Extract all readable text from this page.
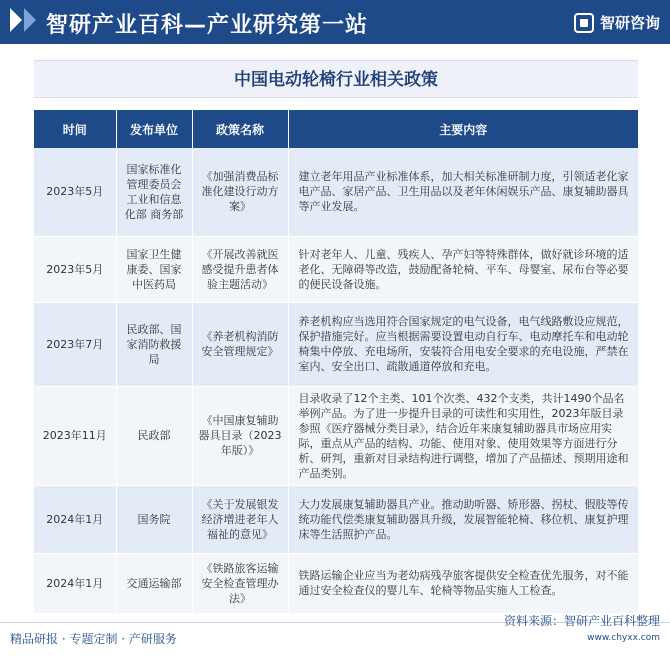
智研产业百科—产业研究第一站	智研咨询
中国电动轮椅行业相关政策
时间	发布单位	政策名称	主要内容
2023年5月	国家标准化管理委员会工业和信息化部 商务部	《加强消费品标准化建设行动方案》	建立老年用品产业标准体系，加大相关标准研制力度，引领适老化家电产品、家居产品、卫生用品以及老年休闲娱乐产品、康复辅助器具等产业发展。
2023年5月	国家卫生健康委、国家中医药局	《开展改善就医感受提升患者体验主题活动》	针对老年人、儿童、残疾人、孕产妇等特殊群体，做好就诊环境的适老化、无障碍等改造，鼓励配备轮椅、平车、母婴室、尿布台等必要的便民设备设施。
2023年7月	民政部、国家消防救援局	《养老机构消防安全管理规定》	养老机构应当选用符合国家规定的电气设备，电气线路敷设应规范，保护措施完好。应当根据需要设置电动自行车、电动摩托车和电动轮椅集中停放、充电场所，安装符合用电安全要求的充电设施，严禁在室内、安全出口、疏散通道停放和充电。
2023年11月	民政部	《中国康复辅助器具目录（2023年版）》	目录收录了12个主类、101个次类、432个支类，共计1490个品名举例产品。为了进一步提升目录的可读性和实用性，2023年版目录参照《医疗器械分类目录》，结合近年来康复辅助器具市场应用实际，重点从产品的结构、功能、使用对象、使用效果等方面进行分析、研判，重新对目录结构进行调整，增加了产品描述、预期用途和产品类别。
2024年1月	国务院	《关于发展银发经济增进老年人福祉的意见》	大力发展康复辅助器具产业。推动助听器、矫形器、拐杖、假肢等传统功能代偿类康复辅助器具升级，发展智能轮椅、移位机、康复护理床等生活照护产品。
2024年1月	交通运输部	《铁路旅客运输安全检查管理办法》	铁路运输企业应当为老幼病残孕旅客提供安全检查优先服务，对不能通过安全检查仪的婴儿车、轮椅等物品实施人工检查。
精品研报 · 专题定制 · 产研服务
资料来源：智研产业百科整理
www.chyxx.com
